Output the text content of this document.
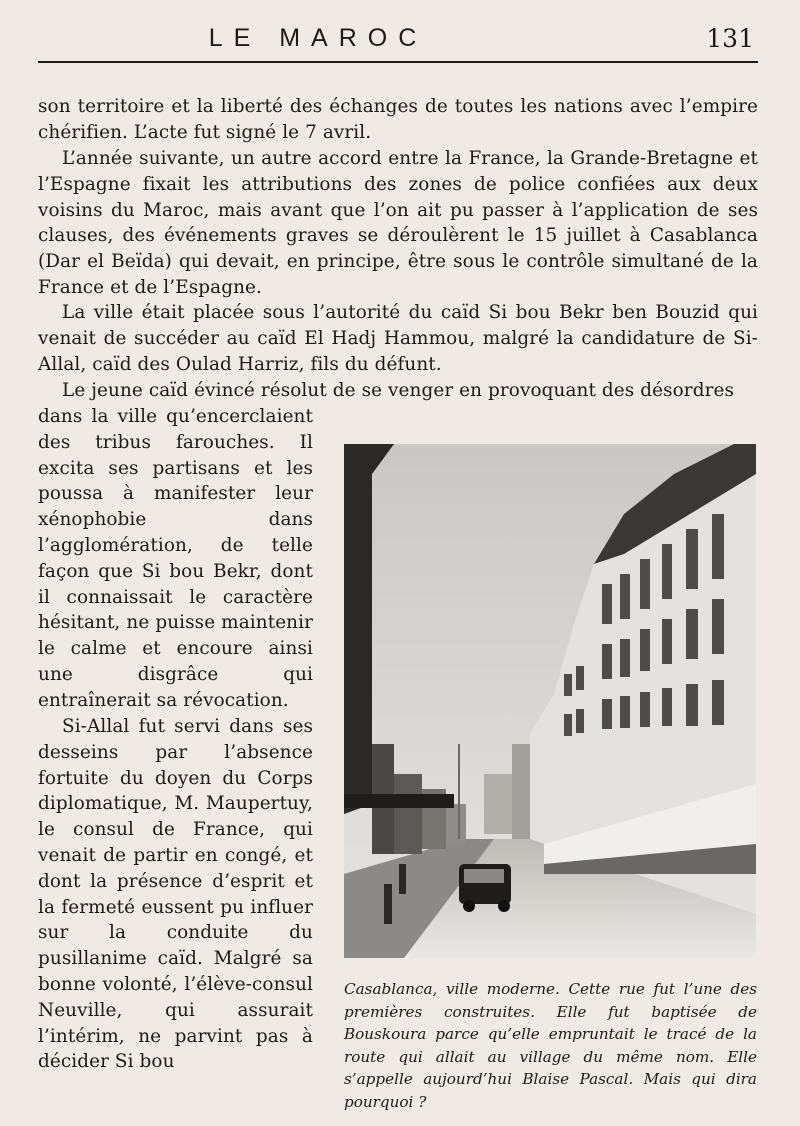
LE MAROC	131

son territoire et la liberté des échanges de toutes les nations avec l’empire chérifien. L’acte fut signé le 7 avril.

L’année suivante, un autre accord entre la France, la Grande-Bretagne et l’Espagne fixait les attributions des zones de police confiées aux deux voisins du Maroc, mais avant que l’on ait pu passer à l’application de ses clauses, des événements graves se déroulèrent le 15 juillet à Casablanca (Dar el Beïda) qui devait, en principe, être sous le contrôle simultané de la France et de l’Espagne.

La ville était placée sous l’autorité du caïd Si bou Bekr ben Bouzid qui venait de succéder au caïd El Hadj Hammou, malgré la candidature de Si-Allal, caïd des Oulad Harriz, fils du défunt.

Le jeune caïd évincé résolut de se venger en provoquant des désordres

dans la ville qu’encerclaient des tribus farouches. Il excita ses partisans et les poussa à manifester leur xénophobie dans l’agglomération, de telle façon que Si bou Bekr, dont il connaissait le caractère hésitant, ne puisse maintenir le calme et encoure ainsi une disgrâce qui entraînerait sa révocation.

Si-Allal fut servi dans ses desseins par l’absence fortuite du doyen du Corps diplomatique, M. Maupertuy, le consul de France, qui venait de partir en congé, et dont la présence d’esprit et la fermeté eussent pu influer sur la conduite du pusillanime caïd. Malgré sa bonne volonté, l’élève-consul Neuville, qui assurait l’intérim, ne parvint pas à décider Si bou

Casablanca, ville moderne. Cette rue fut l’une des premières construites. Elle fut baptisée de Bouskoura parce qu’elle empruntait le tracé de la route qui allait au village du même nom. Elle s’appelle aujourd’hui Blaise Pascal. Mais qui dira pourquoi ?
